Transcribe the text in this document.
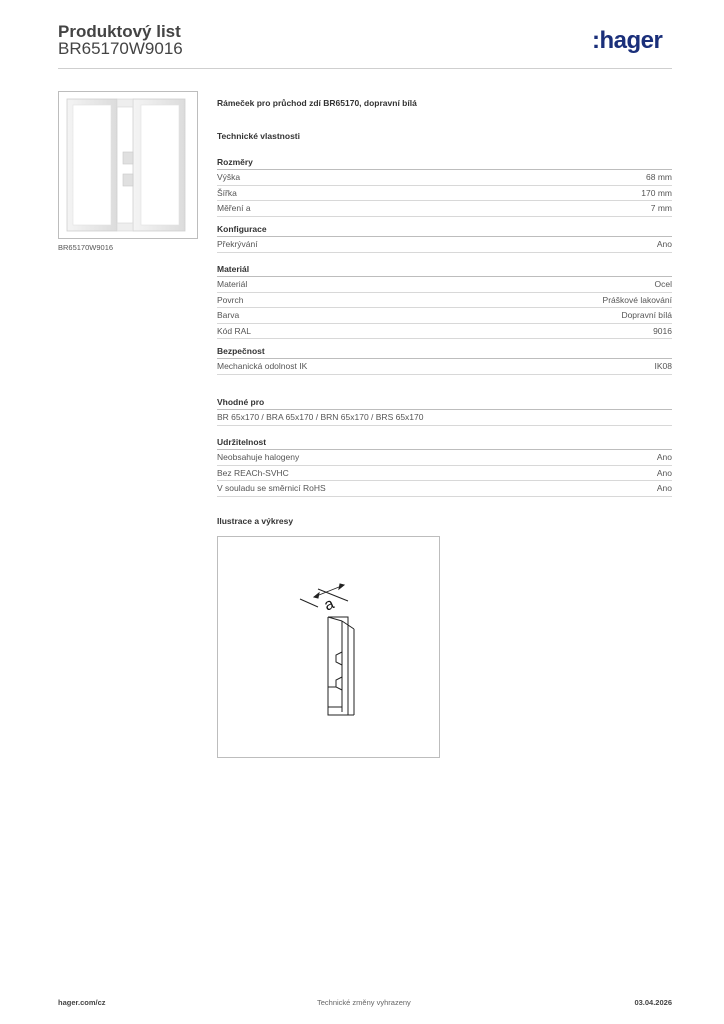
Produktový list
BR65170W9016	:hager
BR65170W9016
Rámeček pro průchod zdí BR65170, dopravní bílá
Technické vlastnosti
Rozměry
Výška	68 mm
Šířka	170 mm
Měření a	7 mm
Konfigurace
Překrývání	Ano
Materiál
Materiál	Ocel
Povrch	Práškové lakování
Barva	Dopravní bílá
Kód RAL	9016
Bezpečnost
Mechanická odolnost IK	IK08
Vhodné pro
BR 65x170 / BRA 65x170 / BRN 65x170 / BRS 65x170
Udržitelnost
Neobsahuje halogeny	Ano
Bez REACh-SVHC	Ano
V souladu se směrnicí RoHS	Ano
Ilustrace a výkresy
a
hager.com/cz	Technické změny vyhrazeny	03.04.2026
